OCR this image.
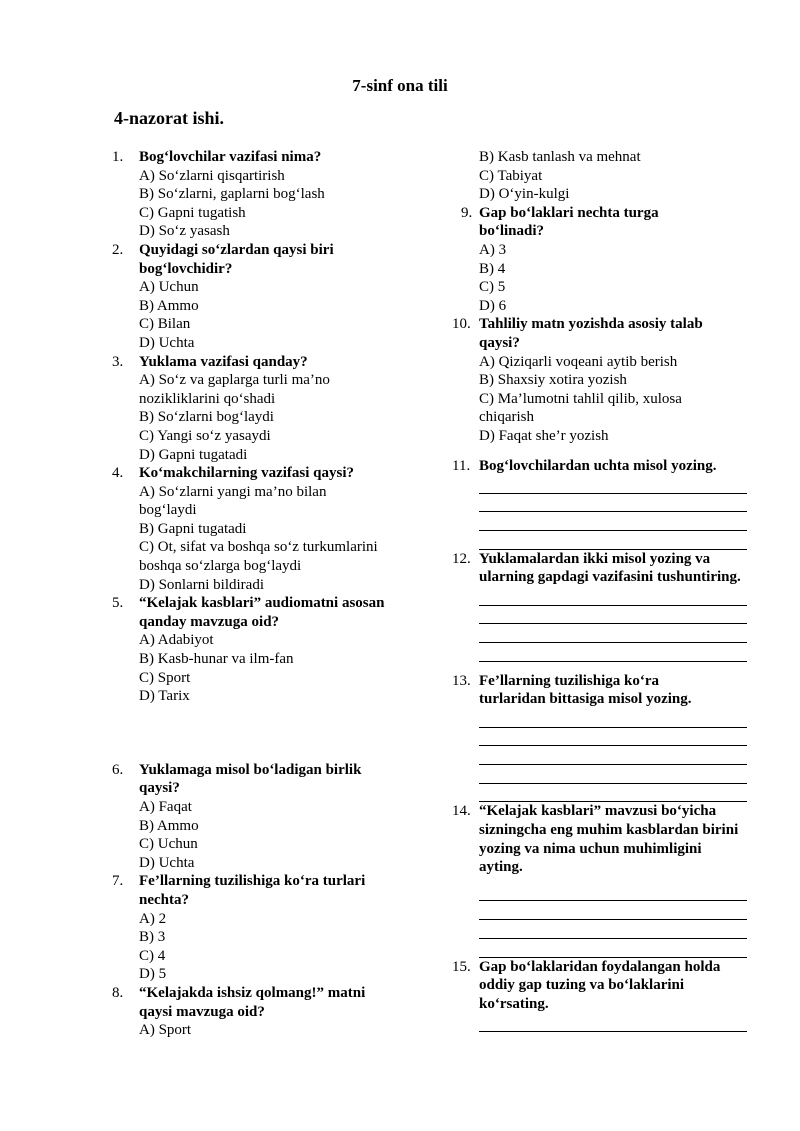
7-sinf ona tili
4-nazorat ishi.
1. Bog‘lovchilar vazifasi nima?
A) So‘zlarni qisqartirish
B) So‘zlarni, gaplarni bog‘lash
C) Gapni tugatish
D) So‘z yasash
2. Quyidagi so‘zlardan qaysi biri bog‘lovchidir?
A) Uchun
B) Ammo
C) Bilan
D) Uchta
3. Yuklama vazifasi qanday?
A) So‘z va gaplarga turli ma’no nozikliklarini qo‘shadi
B) So‘zlarni bog‘laydi
C) Yangi so‘z yasaydi
D) Gapni tugatadi
4. Ko‘makchilarning vazifasi qaysi?
A) So‘zlarni yangi ma’no bilan bog‘laydi
B) Gapni tugatadi
C) Ot, sifat va boshqa so‘z turkumlarini boshqa so‘zlarga bog‘laydi
D) Sonlarni bildiradi
5. “Kelajak kasblari” audiomatni asosan qanday mavzuga oid?
A) Adabiyot
B) Kasb-hunar va ilm-fan
C) Sport
D) Tarix
6. Yuklamaga misol bo‘ladigan birlik qaysi?
A) Faqat
B) Ammo
C) Uchun
D) Uchta
7. Fe’llarning tuzilishiga ko‘ra turlari nechta?
A) 2
B) 3
C) 4
D) 5
8. “Kelajakda ishsiz qolmang!” matni qaysi mavzuga oid?
A) Sport
B) Kasb tanlash va mehnat
C) Tabiyat
D) O‘yin-kulgi
9. Gap bo‘laklari nechta turga bo‘linadi?
A) 3
B) 4
C) 5
D) 6
10. Tahliliy matn yozishda asosiy talab qaysi?
A) Qiziqarli voqeani aytib berish
B) Shaxsiy xotira yozish
C) Ma’lumotni tahlil qilib, xulosa chiqarish
D) Faqat she’r yozish
11. Bog‘lovchilardan uchta misol yozing.
12. Yuklamalardan ikki misol yozing va ularning gapdagi vazifasini tushuntiring.
13. Fe’llarning tuzilishiga ko‘ra turlaridan bittasiga misol yozing.
14. “Kelajak kasblari” mavzusi bo‘yicha sizningcha eng muhim kasblardan birini yozing va nima uchun muhimligini ayting.
15. Gap bo‘laklaridan foydalangan holda oddiy gap tuzing va bo‘laklarini ko‘rsating.
